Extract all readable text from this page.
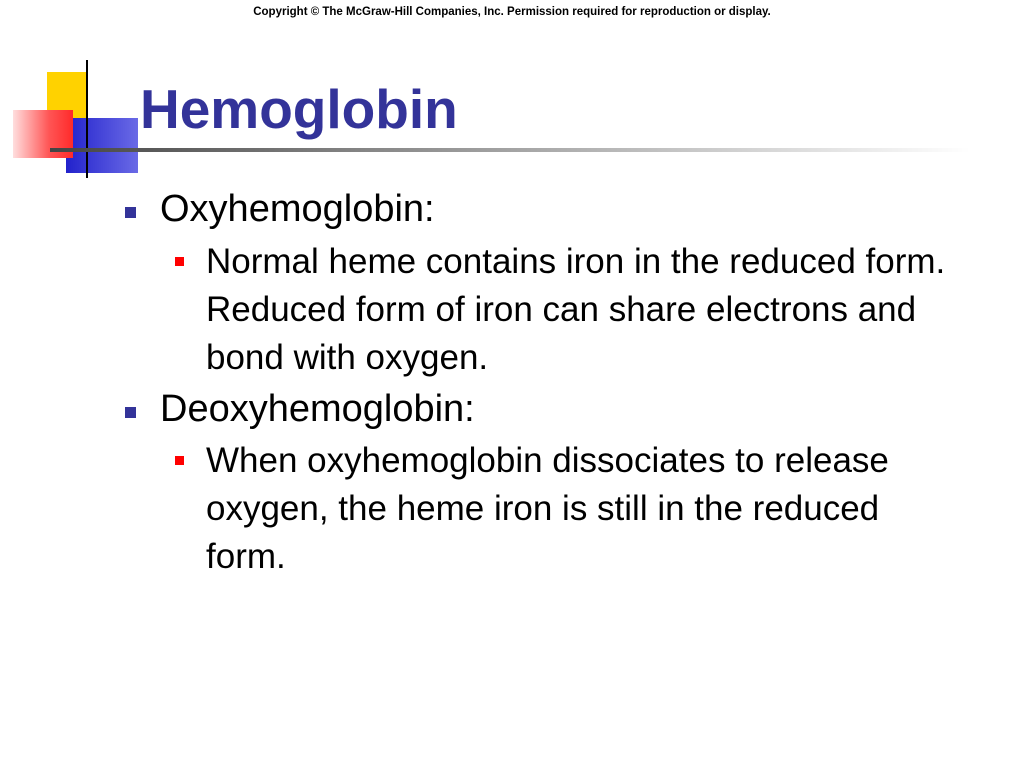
Copyright © The McGraw-Hill Companies, Inc. Permission required for reproduction or display.
Hemoglobin
Oxyhemoglobin:
Normal heme contains iron in the reduced form. Reduced form of iron can share electrons and bond with oxygen.
Deoxyhemoglobin:
When oxyhemoglobin dissociates to release oxygen, the heme iron is still in the reduced form.
